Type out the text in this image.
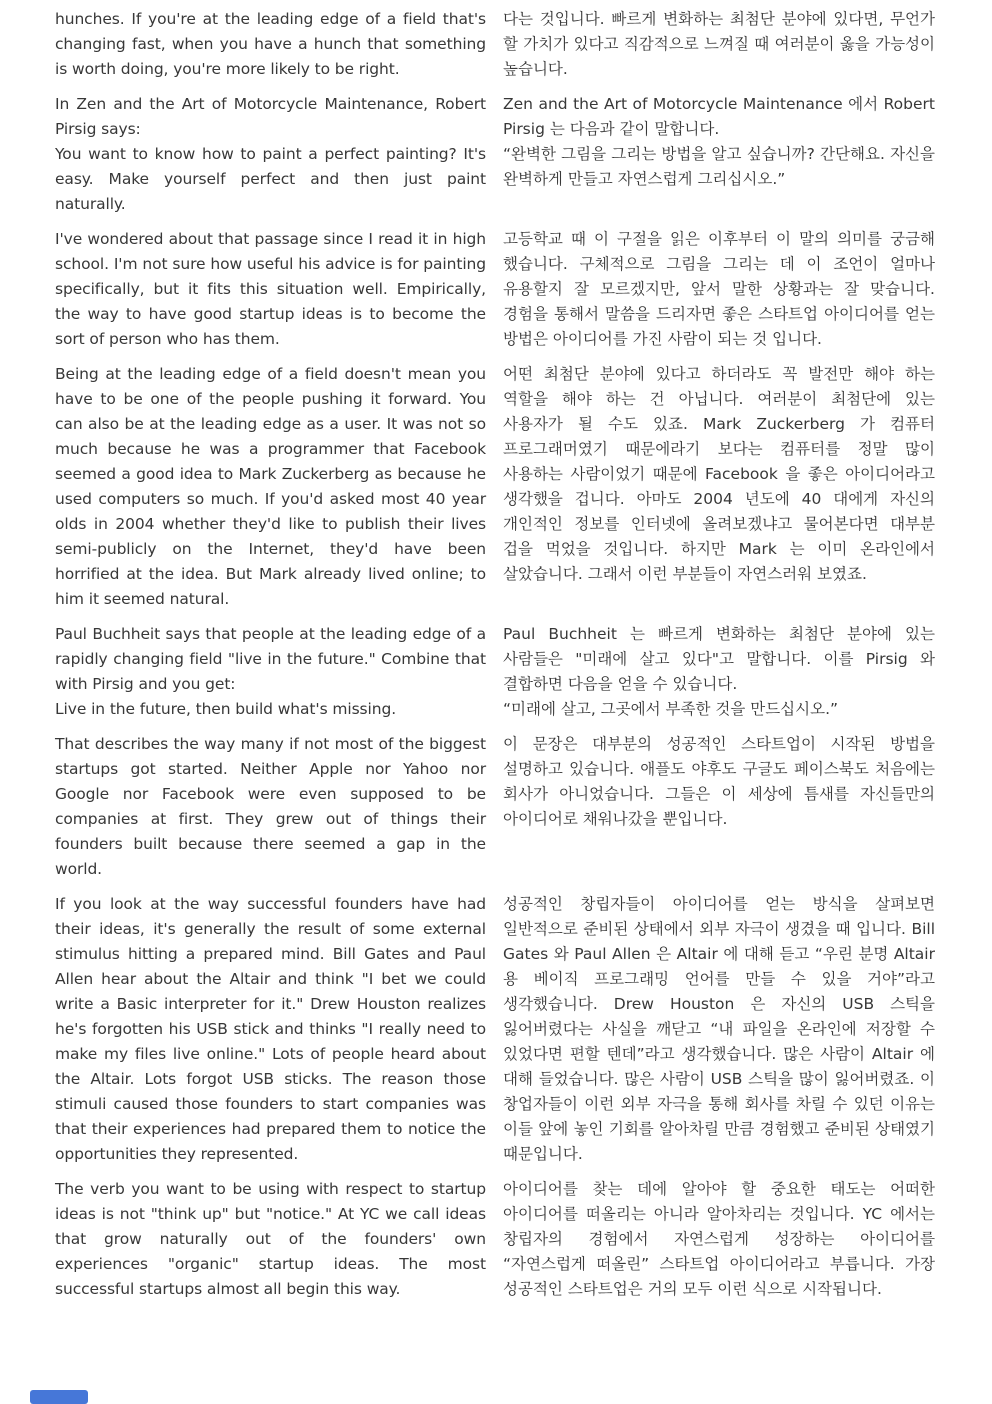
hunches. If you're at the leading edge of a field that's changing fast, when you have a hunch that something is worth doing, you're more likely to be right.

다는 것입니다. 빠르게 변화하는 최첨단 분야에 있다면, 무언가 할 가치가 있다고 직감적으로 느껴질 때 여러분이 옳을 가능성이 높습니다.

In Zen and the Art of Motorcycle Maintenance, Robert Pirsig says:

You want to know how to paint a perfect painting? It's easy. Make yourself perfect and then just paint naturally.

Zen and the Art of Motorcycle Maintenance 에서 Robert Pirsig 는 다음과 같이 말합니다.

“완벽한 그림을 그리는 방법을 알고 싶습니까? 간단해요. 자신을 완벽하게 만들고 자연스럽게 그리십시오.”

I've wondered about that passage since I read it in high school. I'm not sure how useful his advice is for painting specifically, but it fits this situation well. Empirically, the way to have good startup ideas is to become the sort of person who has them.

고등학교 때 이 구절을 읽은 이후부터 이 말의 의미를 궁금해 했습니다. 구체적으로 그림을 그리는 데 이 조언이 얼마나 유용할지 잘 모르겠지만, 앞서 말한 상황과는 잘 맞습니다. 경험을 통해서 말씀을 드리자면 좋은 스타트업 아이디어를 얻는 방법은 아이디어를 가진 사람이 되는 것 입니다.

Being at the leading edge of a field doesn't mean you have to be one of the people pushing it forward. You can also be at the leading edge as a user. It was not so much because he was a programmer that Facebook seemed a good idea to Mark Zuckerberg as because he used computers so much. If you'd asked most 40 year olds in 2004 whether they'd like to publish their lives semi-publicly on the Internet, they'd have been horrified at the idea. But Mark already lived online; to him it seemed natural.

어떤 최첨단 분야에 있다고 하더라도 꼭 발전만 해야 하는 역할을 해야 하는 건 아닙니다. 여러분이 최첨단에 있는 사용자가 될 수도 있죠. Mark Zuckerberg 가 컴퓨터 프로그래머였기 때문에라기 보다는 컴퓨터를 정말 많이 사용하는 사람이었기 때문에 Facebook 을 좋은 아이디어라고 생각했을 겁니다. 아마도 2004 년도에 40 대에게 자신의 개인적인 정보를 인터넷에 올려보겠냐고 물어본다면 대부분 겁을 먹었을 것입니다. 하지만 Mark 는 이미 온라인에서 살았습니다. 그래서 이런 부분들이 자연스러워 보였죠.

Paul Buchheit says that people at the leading edge of a rapidly changing field "live in the future." Combine that with Pirsig and you get:

Live in the future, then build what's missing.

Paul Buchheit 는 빠르게 변화하는 최첨단 분야에 있는 사람들은 "미래에 살고 있다"고 말합니다. 이를 Pirsig 와 결합하면 다음을 얻을 수 있습니다.

“미래에 살고, 그곳에서 부족한 것을 만드십시오.”

That describes the way many if not most of the biggest startups got started. Neither Apple nor Yahoo nor Google nor Facebook were even supposed to be companies at first. They grew out of things their founders built because there seemed a gap in the world.

이 문장은 대부분의 성공적인 스타트업이 시작된 방법을 설명하고 있습니다. 애플도 야후도 구글도 페이스북도 처음에는 회사가 아니었습니다. 그들은 이 세상에 틈새를 자신들만의 아이디어로 채워나갔을 뿐입니다.

If you look at the way successful founders have had their ideas, it's generally the result of some external stimulus hitting a prepared mind. Bill Gates and Paul Allen hear about the Altair and think "I bet we could write a Basic interpreter for it." Drew Houston realizes he's forgotten his USB stick and thinks "I really need to make my files live online." Lots of people heard about the Altair. Lots forgot USB sticks. The reason those stimuli caused those founders to start companies was that their experiences had prepared them to notice the opportunities they represented.

성공적인 창립자들이 아이디어를 얻는 방식을 살펴보면 일반적으로 준비된 상태에서 외부 자극이 생겼을 때 입니다. Bill Gates 와 Paul Allen 은 Altair 에 대해 듣고 “우린 분명 Altair 용 베이직 프로그래밍 언어를 만들 수 있을 거야”라고 생각했습니다. Drew Houston 은 자신의 USB 스틱을 잃어버렸다는 사실을 깨닫고 “내 파일을 온라인에 저장할 수 있었다면 편할 텐데”라고 생각했습니다. 많은 사람이 Altair 에 대해 들었습니다. 많은 사람이 USB 스틱을 많이 잃어버렸죠. 이 창업자들이 이런 외부 자극을 통해 회사를 차릴 수 있던 이유는 이들 앞에 놓인 기회를 알아차릴 만큼 경험했고 준비된 상태였기 때문입니다.

The verb you want to be using with respect to startup ideas is not "think up" but "notice." At YC we call ideas that grow naturally out of the founders' own experiences "organic" startup ideas. The most successful startups almost all begin this way.

아이디어를 찾는 데에 알아야 할 중요한 태도는 어떠한 아이디어를 떠올리는 아니라 알아차리는 것입니다. YC 에서는 창립자의 경험에서 자연스럽게 성장하는 아이디어를 “자연스럽게 떠올린” 스타트업 아이디어라고 부릅니다. 가장 성공적인 스타트업은 거의 모두 이런 식으로 시작됩니다.
